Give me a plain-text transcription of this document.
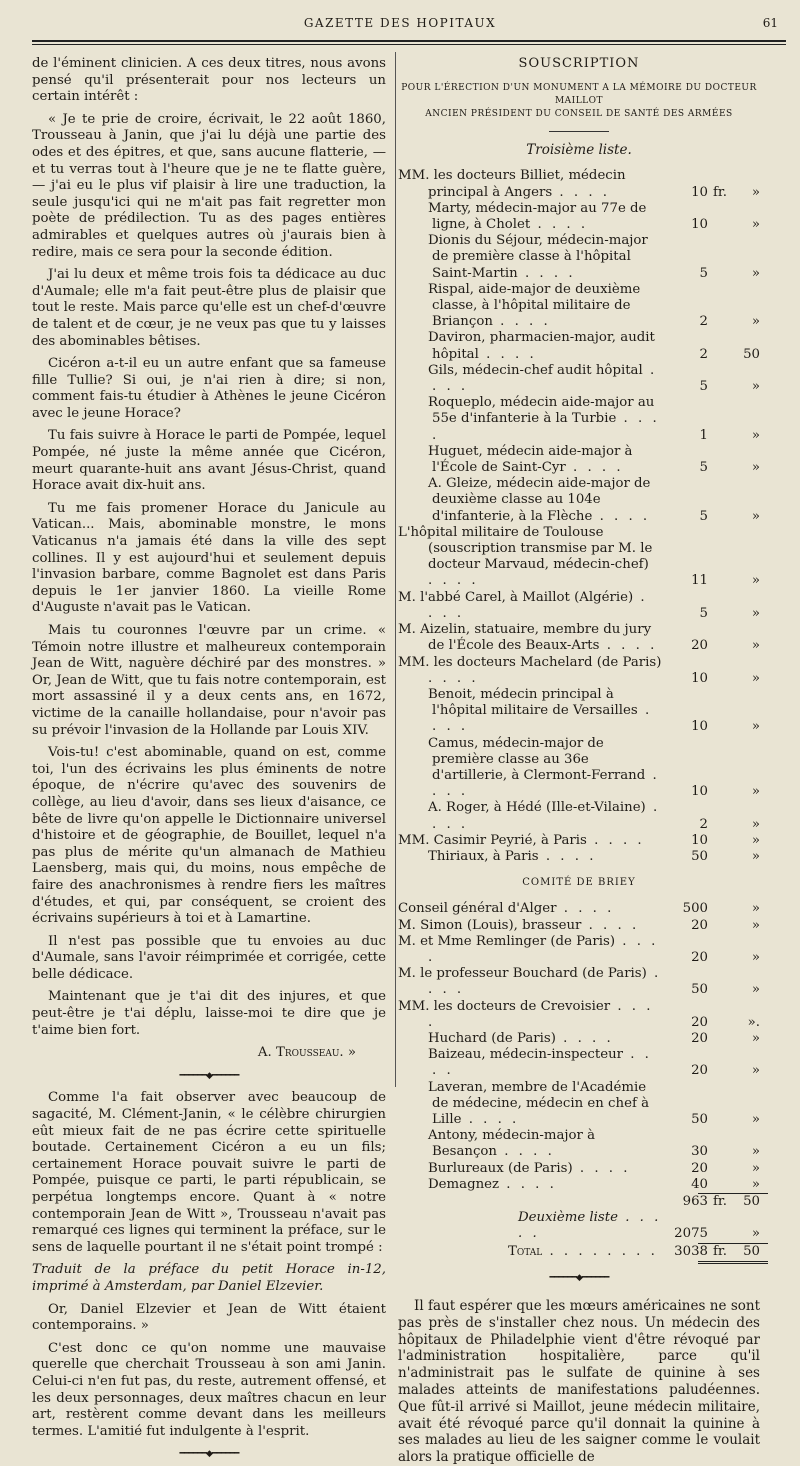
GAZETTE DES HOPITAUX	61

de l'éminent clinicien. A ces deux titres, nous avons pensé qu'il présenterait pour nos lecteurs un certain intérêt :

« Je te prie de croire, écrivait, le 22 août 1860, Trousseau à Janin, que j'ai lu déjà une partie des odes et des épitres, et que, sans aucune flatterie, — et tu verras tout à l'heure que je ne te flatte guère, — j'ai eu le plus vif plaisir à lire une traduction, la seule jusqu'ici qui ne m'ait pas fait regretter mon poète de prédilection. Tu as des pages entières admirables et quelques autres où j'aurais bien à redire, mais ce sera pour la seconde édition.

J'ai lu deux et même trois fois ta dédicace au duc d'Aumale; elle m'a fait peut-être plus de plaisir que tout le reste. Mais parce qu'elle est un chef-d'œuvre de talent et de cœur, je ne veux pas que tu y laisses des abominables bêtises.

Cicéron a-t-il eu un autre enfant que sa fameuse fille Tullie? Si oui, je n'ai rien à dire; si non, comment fais-tu étudier à Athènes le jeune Cicéron avec le jeune Horace?

Tu fais suivre à Horace le parti de Pompée, lequel Pompée, né juste la même année que Cicéron, meurt quarante-huit ans avant Jésus-Christ, quand Horace avait dix-huit ans.

Tu me fais promener Horace du Janicule au Vatican... Mais, abominable monstre, le mons Vaticanus n'a jamais été dans la ville des sept collines. Il y est aujourd'hui et seulement depuis l'invasion barbare, comme Bagnolet est dans Paris depuis le 1er janvier 1860. La vieille Rome d'Auguste n'avait pas le Vatican.

Mais tu couronnes l'œuvre par un crime. « Témoin notre illustre et malheureux contemporain Jean de Witt, naguère déchiré par des monstres. » Or, Jean de Witt, que tu fais notre contemporain, est mort assassiné il y a deux cents ans, en 1672, victime de la canaille hollandaise, pour n'avoir pas su prévoir l'invasion de la Hollande par Louis XIV.

Vois-tu! c'est abominable, quand on est, comme toi, l'un des écrivains les plus éminents de notre époque, de n'écrire qu'avec des souvenirs de collège, au lieu d'avoir, dans ses lieux d'aisance, ce bête de livre qu'on appelle le Dictionnaire universel d'histoire et de géographie, de Bouillet, lequel n'a pas plus de mérite qu'un almanach de Mathieu Laensberg, mais qui, du moins, nous empêche de faire des anachronismes à rendre fiers les maîtres d'études, et qui, par conséquent, se croient des écrivains supérieurs à toi et à Lamartine.

Il n'est pas possible que tu envoies au duc d'Aumale, sans l'avoir réimprimée et corrigée, cette belle dédicace.

Maintenant que je t'ai dit des injures, et que peut-être je t'ai déplu, laisse-moi te dire que je t'aime bien fort.

A. Trousseau. »

━━━━━━◆━━━━━━

Comme l'a fait observer avec beaucoup de sagacité, M. Clément-Janin, « le célèbre chirurgien eût mieux fait de ne pas écrire cette spirituelle boutade. Certainement Cicéron a eu un fils; certainement Horace pouvait suivre le parti de Pompée, puisque ce parti, le parti républicain, se perpétua longtemps encore. Quant à « notre contemporain Jean de Witt », Trousseau n'avait pas remarqué ces lignes qui terminent la préface, sur le sens de laquelle pourtant il ne s'était point trompé :

Traduit de la préface du petit Horace in-12, imprimé à Amsterdam, par Daniel Elzevier.

Or, Daniel Elzevier et Jean de Witt étaient contemporains. »

C'est donc ce qu'on nomme une mauvaise querelle que cherchait Trousseau à son ami Janin. Celui-ci n'en fut pas, du reste, autrement offensé, et les deux personnages, deux maîtres chacun en leur art, restèrent comme devant dans les meilleurs termes. L'amitié fut indulgente à l'esprit.

━━━━━━◆━━━━━━
SOUSCRIPTION
POUR L'ÉRECTION D'UN MONUMENT A LA MÉMOIRE DU DOCTEUR MAILLOT
ANCIEN PRÉSIDENT DU CONSEIL DE SANTÉ DES ARMÉES
Troisième liste.
MM. les docteurs Billiet, médecin principal à Angers . . . .	10 fr.	»
Marty, médecin-major au 77e de ligne, à Cholet . . . .	10	»
Dionis du Séjour, médecin-major de première classe à l'hôpital Saint-Martin . . . .	5	»
Rispal, aide-major de deuxième classe, à l'hôpital militaire de Briançon . . . .	2	»
Daviron, pharmacien-major, audit hôpital . . . .	2	50
Gils, médecin-chef audit hôpital . . . .	5	»
Roqueplo, médecin aide-major au 55e d'infanterie à la Turbie . . . .	1	»
Huguet, médecin aide-major à l'École de Saint-Cyr . . . .	5	»
A. Gleize, médecin aide-major de deuxième classe au 104e d'infanterie, à la Flèche . . . .	5	»
L'hôpital militaire de Toulouse (souscription transmise par M. le docteur Marvaud, médecin-chef) . . . .	11	»
M. l'abbé Carel, à Maillot (Algérie) . . . .	5	»
M. Aizelin, statuaire, membre du jury de l'École des Beaux-Arts . . . .	20	»
MM. les docteurs Machelard (de Paris) . . . .	10	»
Benoit, médecin principal à l'hôpital militaire de Versailles . . . .	10	»
Camus, médecin-major de première classe au 36e d'artillerie, à Clermont-Ferrand . . . .	10	»
A. Roger, à Hédé (Ille-et-Vilaine) . . . .	2	»
MM. Casimir Peyrié, à Paris . . . .	10	»
Thiriaux, à Paris . . . .	50	»
COMITÉ DE BRIEY
Conseil général d'Alger . . . .	500	»
M. Simon (Louis), brasseur . . . .	20	»
M. et Mme Remlinger (de Paris) . . . .	20	»
M. le professeur Bouchard (de Paris) . . . .	50	»
MM. les docteurs de Crevoisier . . . .	20	».
Huchard (de Paris) . . . .	20	»
Baizeau, médecin-inspecteur . . . .	20	»
Laveran, membre de l'Académie de médecine, médecin en chef à Lille . . . .	50	»
Antony, médecin-major à Besançon . . . .	30	»
Burlureaux (de Paris) . . . .	20	»
Demagnez . . . .	40	»
963 fr.	50
Deuxième liste . . . . .	2075	»
Total . . . . . . . .	3038 fr.	50
━━━━━━◆━━━━━━
Il faut espérer que les mœurs américaines ne sont pas près de s'installer chez nous. Un médecin des hôpitaux de Philadelphie vient d'être révoqué par l'administration hospitalière, parce qu'il n'administrait pas le sulfate de quinine à ses malades atteints de manifestations paludéennes. Que fût-il arrivé si Maillot, jeune médecin militaire, avait été révoqué parce qu'il donnait la quinine à ses malades au lieu de les saigner comme le voulait alors la pratique officielle de
